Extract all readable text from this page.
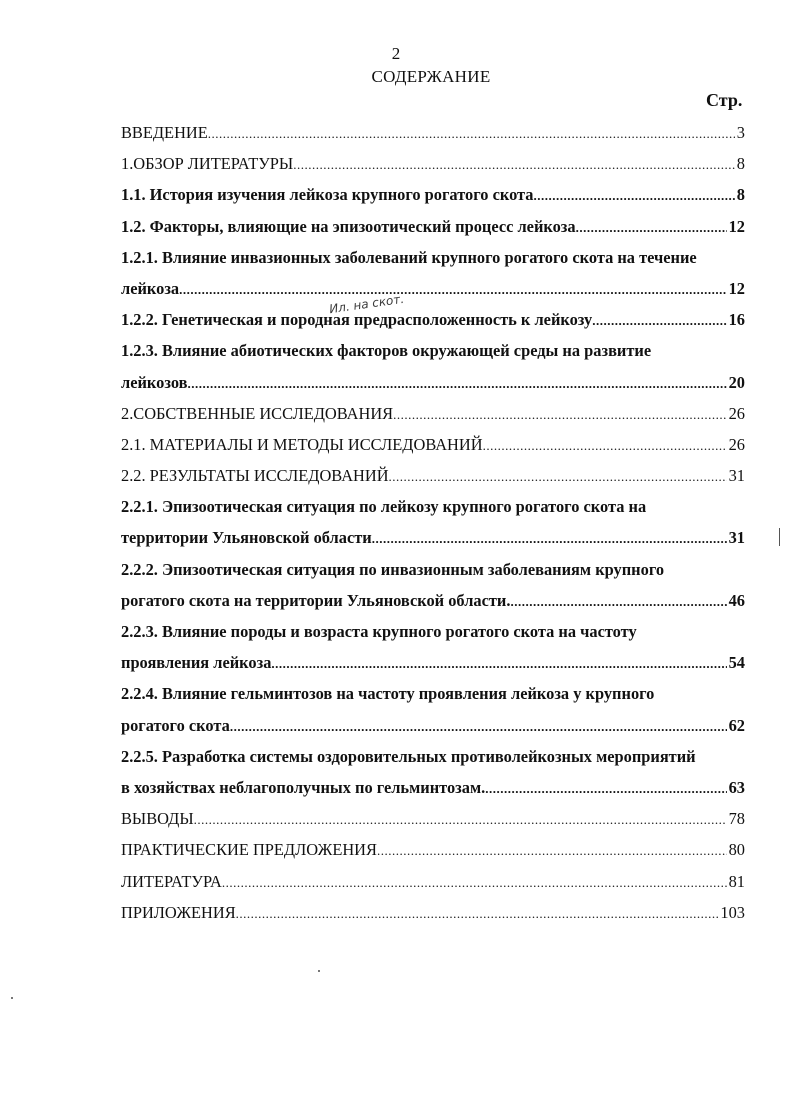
2
СОДЕРЖАНИЕ
Стр.
ВВЕДЕНИЕ .....	3
1.ОБЗОР ЛИТЕРАТУРЫ .....	8
1.1. История изучения лейкоза крупного рогатого скота .....	8
1.2. Факторы, влияющие на эпизоотический процесс лейкоза .....	12
1.2.1. Влияние инвазионных заболеваний крупного рогатого скота на течение
лейкоза .....	12
1.2.2. Генетическая и породная предрасположенность к лейкозу .....	16
1.2.3. Влияние абиотических факторов окружающей среды на развитие
лейкозов .....	20
2.СОБСТВЕННЫЕ ИССЛЕДОВАНИЯ .....	26
2.1. МАТЕРИАЛЫ И МЕТОДЫ ИССЛЕДОВАНИЙ .....	26
2.2. РЕЗУЛЬТАТЫ ИССЛЕДОВАНИЙ .....	31
2.2.1. Эпизоотическая ситуация по лейкозу крупного рогатого скота на
территории Ульяновской области .....	31
2.2.2. Эпизоотическая ситуация по инвазионным заболеваниям крупного
рогатого скота на территории Ульяновской области. .....	46
2.2.3. Влияние породы и возраста крупного рогатого скота на частоту
проявления лейкоза .....	54
2.2.4. Влияние гельминтозов на частоту проявления лейкоза у крупного
рогатого скота .....	62
2.2.5. Разработка системы оздоровительных противолейкозных мероприятий
в хозяйствах неблагополучных по гельминтозам. .....	63
ВЫВОДЫ .....	78
ПРАКТИЧЕСКИЕ ПРЕДЛОЖЕНИЯ .....	80
ЛИТЕРАТУРА .....	81
ПРИЛОЖЕНИЯ .....	103
Ил. на скот.
